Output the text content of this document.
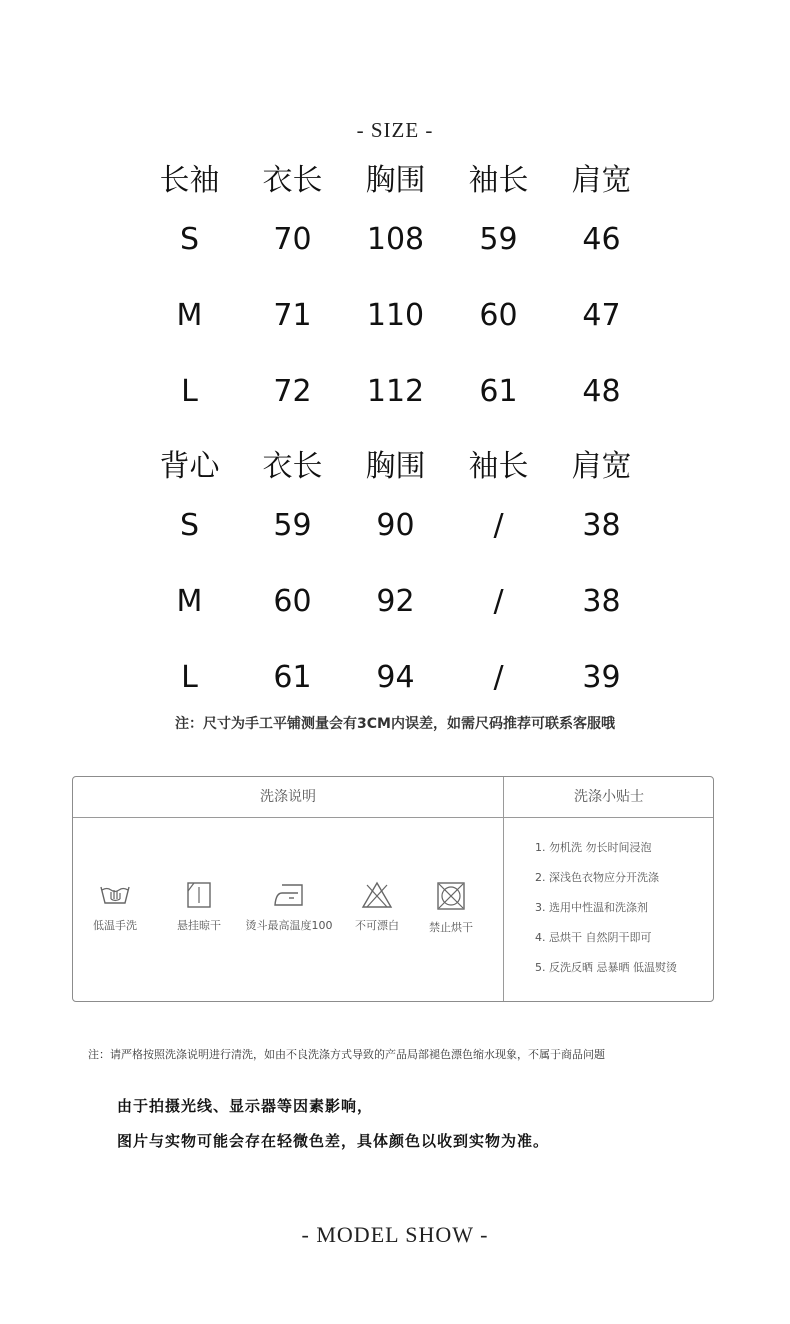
- SIZE -
长袖	衣长	胸围	袖长	肩宽
S	70	108	59	46
M	71	110	60	47
L	72	112	61	48
背心	衣长	胸围	袖长	肩宽
S	59	90	/	38
M	60	92	/	38
L	61	94	/	39
注：尺寸为手工平铺测量会有3CM内误差，如需尺码推荐可联系客服哦
洗涤说明	洗涤小贴士
低温手洗	悬挂晾干	烫斗最高温度100	不可漂白	禁止烘干
1. 勿机洗 勿长时间浸泡
2. 深浅色衣物应分开洗涤
3. 选用中性温和洗涤剂
4. 忌烘干 自然阴干即可
5. 反洗反晒 忌暴晒 低温熨烫
注：请严格按照洗涤说明进行清洗，如由不良洗涤方式导致的产品局部褪色漂色缩水现象，不属于商品问题
由于拍摄光线、显示器等因素影响，
图片与实物可能会存在轻微色差，具体颜色以收到实物为准。
- MODEL SHOW -
